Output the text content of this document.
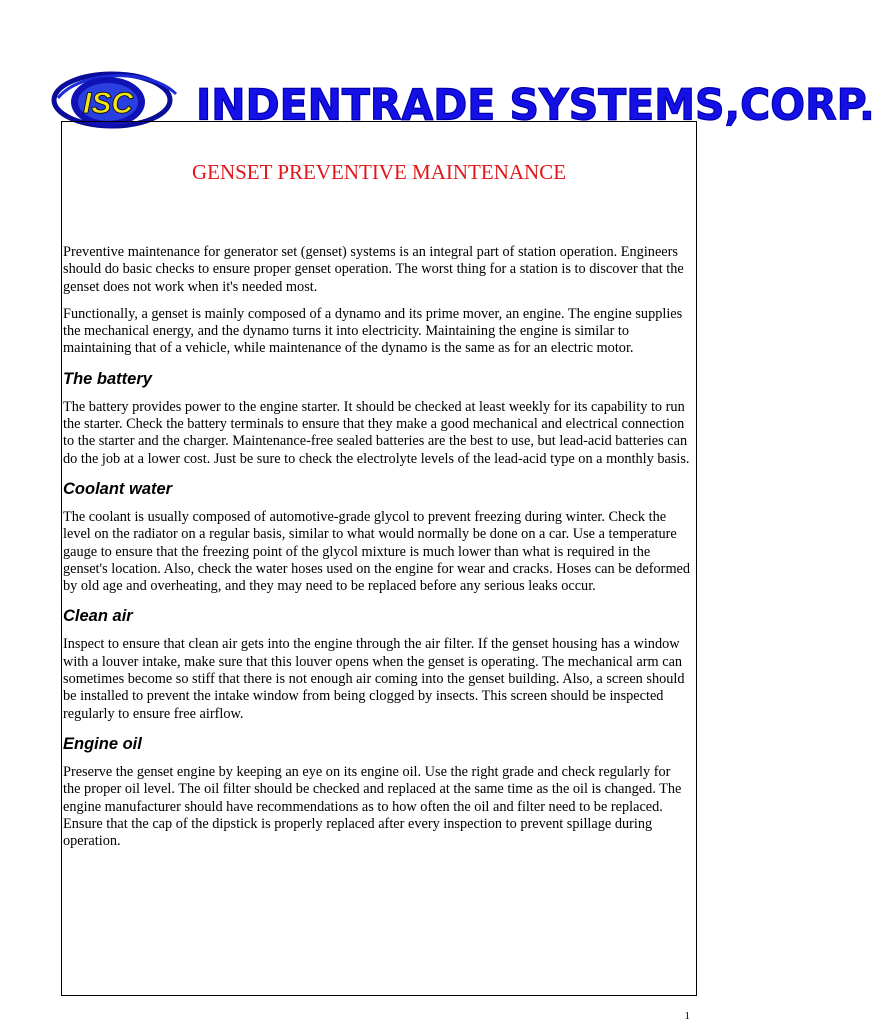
ISC INDENTRADE SYSTEMS,CORP.
GENSET PREVENTIVE MAINTENANCE

Preventive maintenance for generator set (genset) systems is an integral part of station operation. Engineers should do basic checks to ensure proper genset operation. The worst thing for a station is to discover that the genset does not work when it's needed most.

Functionally, a genset is mainly composed of a dynamo and its prime mover, an engine. The engine supplies the mechanical energy, and the dynamo turns it into electricity. Maintaining the engine is similar to maintaining that of a vehicle, while maintenance of the dynamo is the same as for an electric motor.

The battery

The battery provides power to the engine starter. It should be checked at least weekly for its capability to run the starter. Check the battery terminals to ensure that they make a good mechanical and electrical connection to the starter and the charger. Maintenance-free sealed batteries are the best to use, but lead-acid batteries can do the job at a lower cost. Just be sure to check the electrolyte levels of the lead-acid type on a monthly basis.

Coolant water

The coolant is usually composed of automotive-grade glycol to prevent freezing during winter. Check the level on the radiator on a regular basis, similar to what would normally be done on a car. Use a temperature gauge to ensure that the freezing point of the glycol mixture is much lower than what is required in the genset's location. Also, check the water hoses used on the engine for wear and cracks. Hoses can be deformed by old age and overheating, and they may need to be replaced before any serious leaks occur.

Clean air

Inspect to ensure that clean air gets into the engine through the air filter. If the genset housing has a window with a louver intake, make sure that this louver opens when the genset is operating. The mechanical arm can sometimes become so stiff that there is not enough air coming into the genset building. Also, a screen should be installed to prevent the intake window from being clogged by insects. This screen should be inspected regularly to ensure free airflow.

Engine oil

Preserve the genset engine by keeping an eye on its engine oil. Use the right grade and check regularly for the proper oil level. The oil filter should be checked and replaced at the same time as the oil is changed. The engine manufacturer should have recommendations as to how often the oil and filter need to be replaced. Ensure that the cap of the dipstick is properly replaced after every inspection to prevent spillage during operation.

1
